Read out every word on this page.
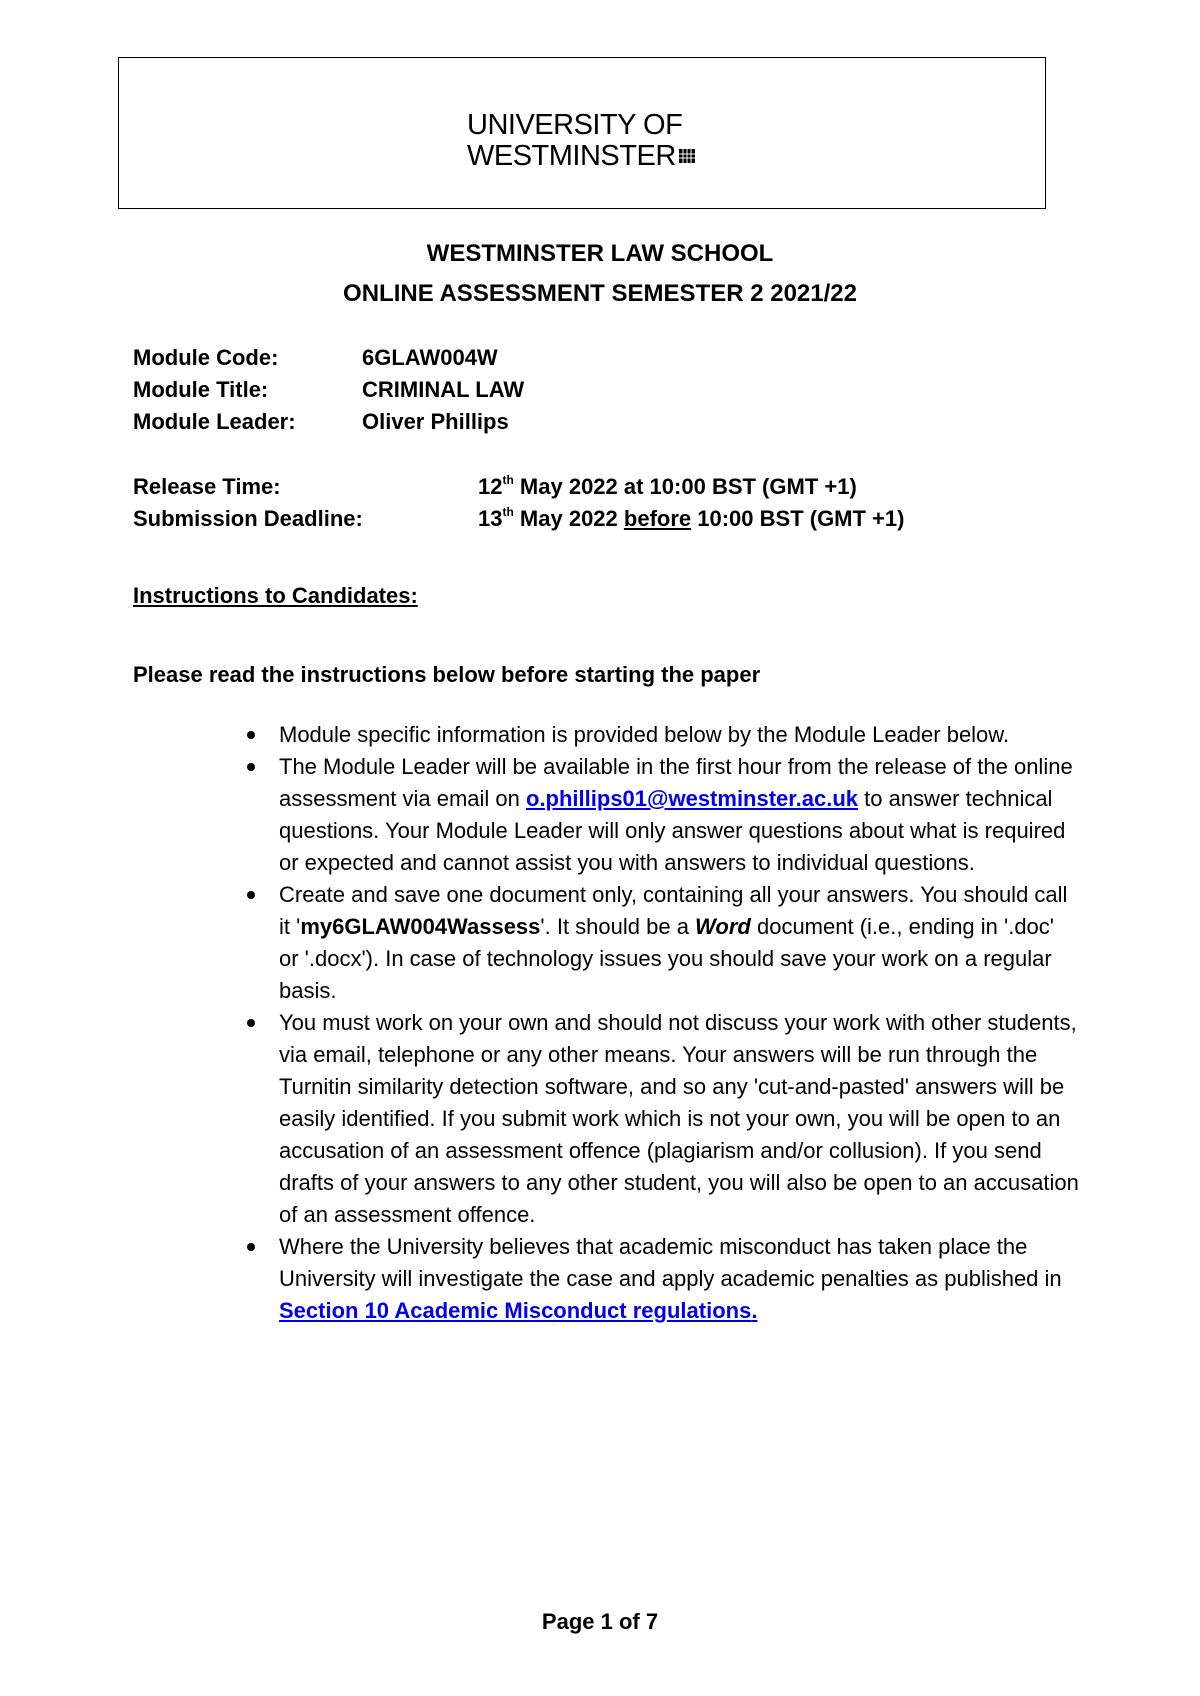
UNIVERSITY OF
WESTMINSTER
WESTMINSTER LAW SCHOOL
ONLINE ASSESSMENT SEMESTER 2 2021/22
Module Code:	6GLAW004W
Module Title:	CRIMINAL LAW
Module Leader:	Oliver Phillips
Release Time:	12th May 2022 at 10:00 BST (GMT +1)
Submission Deadline:	13th May 2022 before 10:00 BST (GMT +1)
Instructions to Candidates:
Please read the instructions below before starting the paper
Module specific information is provided below by the Module Leader below.
The Module Leader will be available in the first hour from the release of the online assessment via email on o.phillips01@westminster.ac.uk to answer technical questions. Your Module Leader will only answer questions about what is required or expected and cannot assist you with answers to individual questions.
Create and save one document only, containing all your answers. You should call it 'my6GLAW004Wassess'. It should be a Word document (i.e., ending in '.doc' or '.docx'). In case of technology issues you should save your work on a regular basis.
You must work on your own and should not discuss your work with other students, via email, telephone or any other means. Your answers will be run through the Turnitin similarity detection software, and so any 'cut-and-pasted' answers will be easily identified. If you submit work which is not your own, you will be open to an accusation of an assessment offence (plagiarism and/or collusion). If you send drafts of your answers to any other student, you will also be open to an accusation of an assessment offence.
Where the University believes that academic misconduct has taken place the University will investigate the case and apply academic penalties as published in Section 10 Academic Misconduct regulations.
Page 1 of 7
